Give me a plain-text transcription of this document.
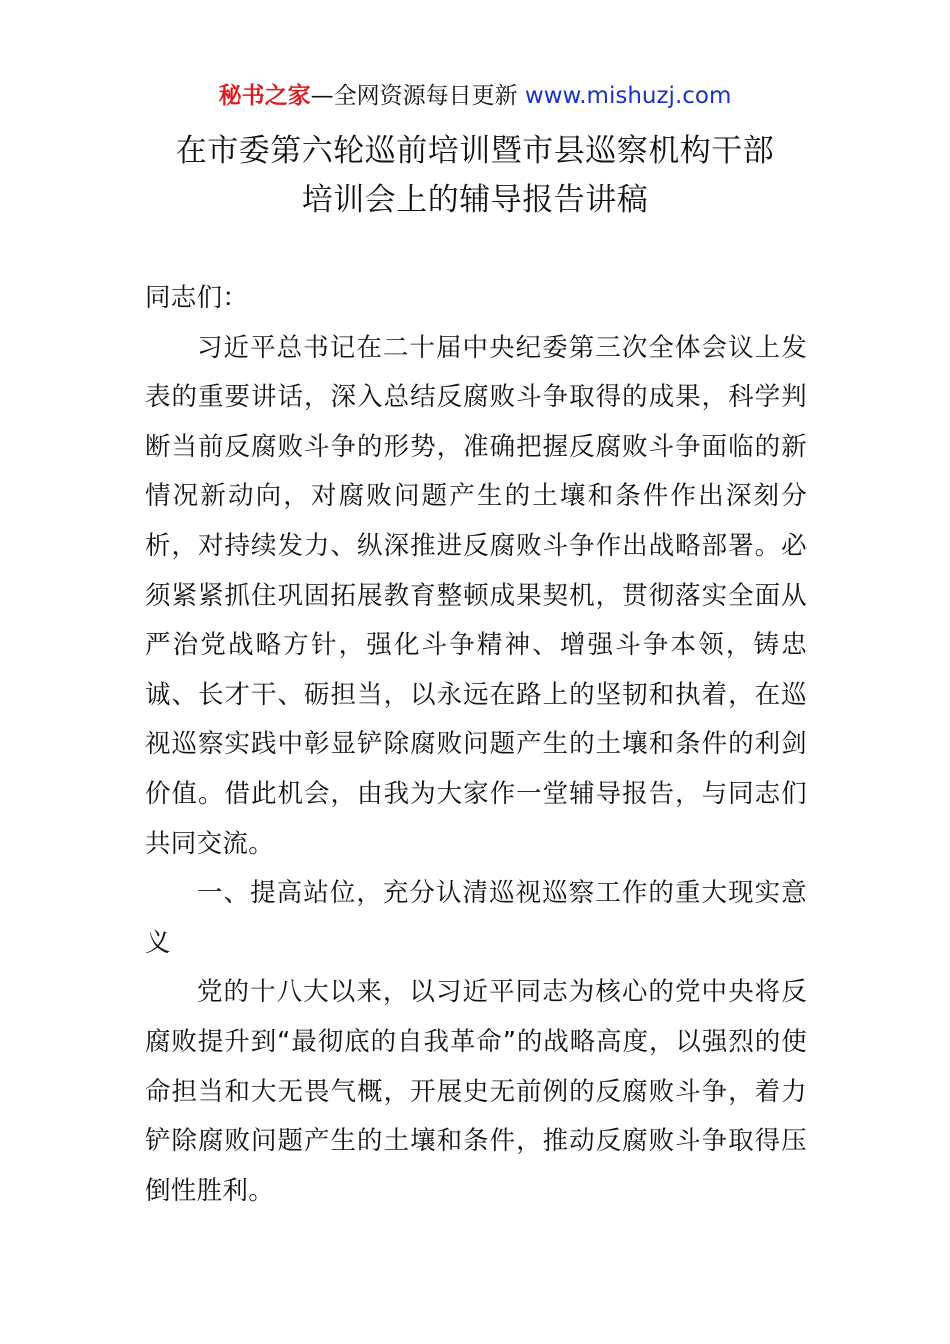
秘书之家—全网资源每日更新 www.mishuzj.com
在市委第六轮巡前培训暨市县巡察机构干部
培训会上的辅导报告讲稿

同志们：

习近平总书记在二十届中央纪委第三次全体会议上发表的重要讲话，深入总结反腐败斗争取得的成果，科学判断当前反腐败斗争的形势，准确把握反腐败斗争面临的新情况新动向，对腐败问题产生的土壤和条件作出深刻分析，对持续发力、纵深推进反腐败斗争作出战略部署。必须紧紧抓住巩固拓展教育整顿成果契机，贯彻落实全面从严治党战略方针，强化斗争精神、增强斗争本领，铸忠诚、长才干、砺担当，以永远在路上的坚韧和执着，在巡视巡察实践中彰显铲除腐败问题产生的土壤和条件的利剑价值。借此机会，由我为大家作一堂辅导报告，与同志们共同交流。

一、提高站位，充分认清巡视巡察工作的重大现实意义

党的十八大以来，以习近平同志为核心的党中央将反腐败提升到“最彻底的自我革命”的战略高度，以强烈的使命担当和大无畏气概，开展史无前例的反腐败斗争，着力铲除腐败问题产生的土壤和条件，推动反腐败斗争取得压倒性胜利。
